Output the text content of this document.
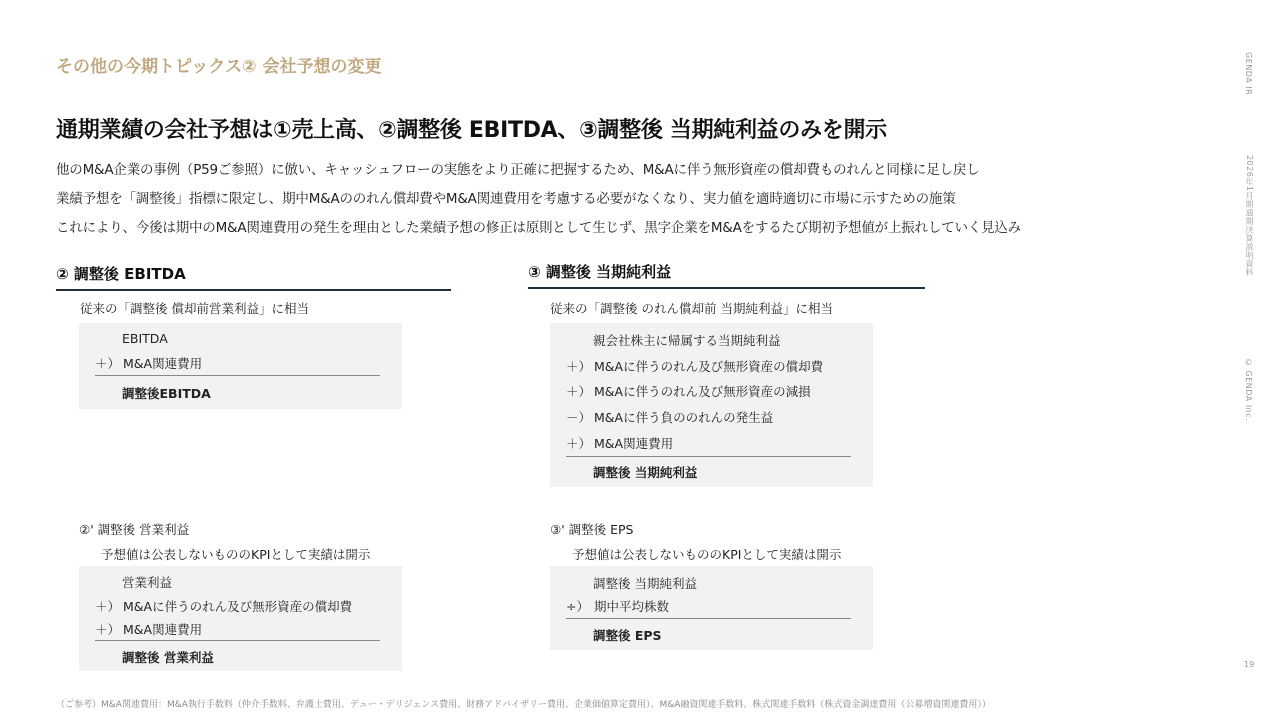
その他の今期トピックス② 会社予想の変更
通期業績の会社予想は①売上高、②調整後 EBITDA、③調整後 当期純利益のみを開示
他のM&A企業の事例（P59ご参照）に倣い、キャッシュフローの実態をより正確に把握するため、M&Aに伴う無形資産の償却費ものれんと同様に足し戻し
業績予想を「調整後」指標に限定し、期中M&Aののれん償却費やM&A関連費用を考慮する必要がなくなり、実力値を適時適切に市場に示すための施策
これにより、今後は期中のM&A関連費用の発生を理由とした業績予想の修正は原則として生じず、黒字企業をM&Aをするたび期初予想値が上振れしていく見込み
② 調整後 EBITDA
従来の「調整後 償却前営業利益」に相当
EBITDA
＋） M&A関連費用
調整後EBITDA
③ 調整後 当期純利益
従来の「調整後 のれん償却前 当期純利益」に相当
親会社株主に帰属する当期純利益
＋） M&Aに伴うのれん及び無形資産の償却費
＋） M&Aに伴うのれん及び無形資産の減損
－） M&Aに伴う負ののれんの発生益
＋） M&A関連費用
調整後 当期純利益
②' 調整後 営業利益
予想値は公表しないもののKPIとして実績は開示
営業利益
＋） M&Aに伴うのれん及び無形資産の償却費
＋） M&A関連費用
調整後 営業利益
③' 調整後 EPS
予想値は公表しないもののKPIとして実績は開示
調整後 当期純利益
÷） 期中平均株数
調整後 EPS
（ご参考）M&A関連費用：M&A執行手数料（仲介手数料、弁護士費用、デュー・デリジェンス費用、財務アドバイザリー費用、企業価値算定費用）、M&A融資関連手数料、株式関連手数料（株式資金調達費用（公募増資関連費用））
GENDA IR
2026年1月期通期決算説明資料
© GENDA Inc.
19
